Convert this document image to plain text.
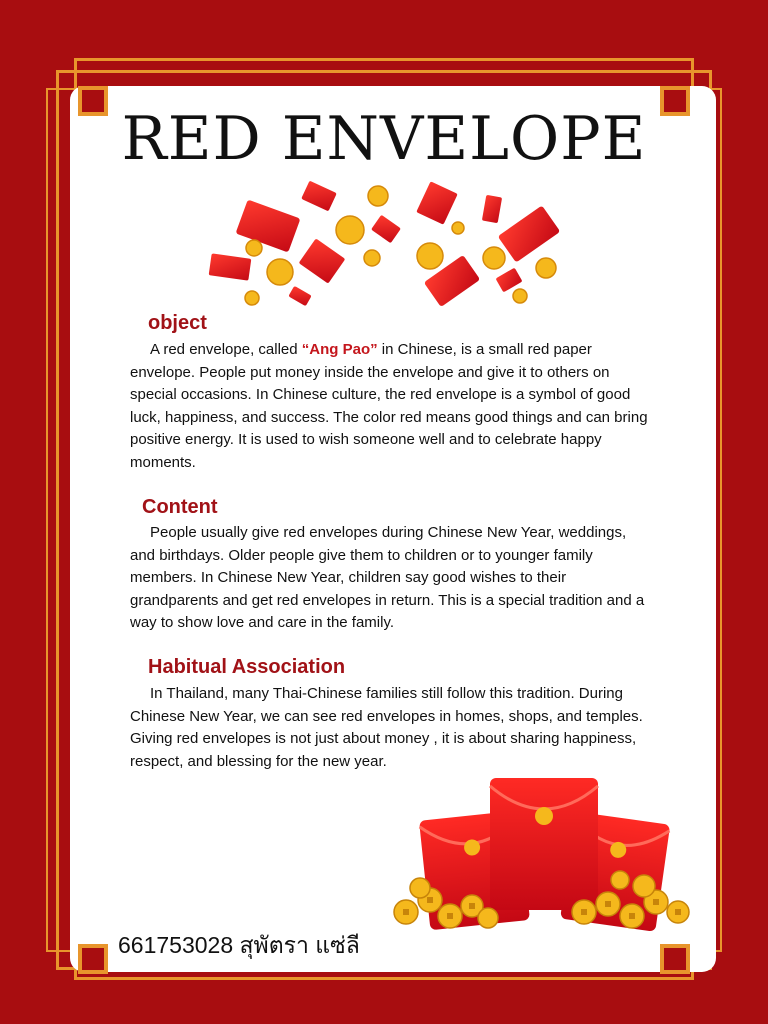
RED ENVELOPE
object

A red envelope, called “Ang Pao” in Chinese, is a small red paper envelope. People put money inside the envelope and give it to others on special occasions. In Chinese culture, the red envelope is a symbol of good luck, happiness, and success. The color red means good things and can bring positive energy. It is used to wish someone well and to celebrate happy moments.

Content

People usually give red envelopes during Chinese New Year, weddings, and birthdays. Older people give them to children or to younger family members. In Chinese New Year, children say good wishes to their grandparents and get red envelopes in return. This is a special tradition and a way to show love and care in the family.

Habitual Association

In Thailand, many Thai-Chinese families still follow this tradition. During Chinese New Year, we can see red envelopes in homes, shops, and temples. Giving red envelopes is not just about money , it is about sharing happiness, respect, and blessing for the new year.

661753028 สุพัตรา แซ่ลี
